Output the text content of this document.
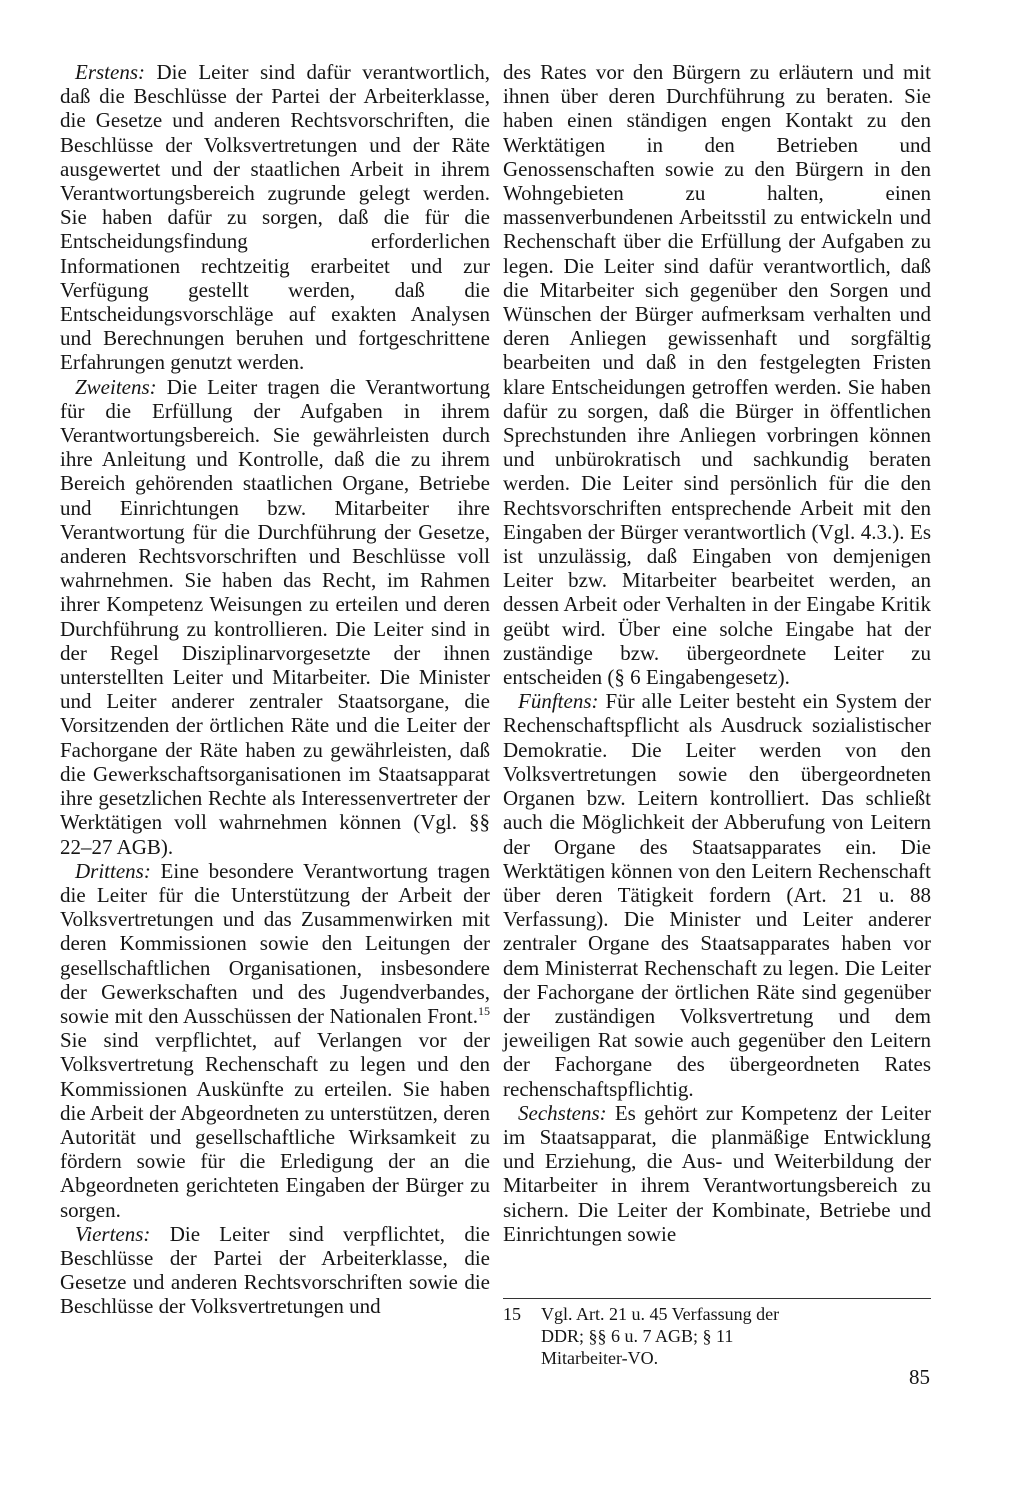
Erstens: Die Leiter sind dafür verantwortlich, daß die Beschlüsse der Partei der Arbeiterklasse, die Gesetze und anderen Rechtsvorschriften, die Beschlüsse der Volksvertretungen und der Räte ausgewertet und der staatlichen Arbeit in ihrem Verantwortungsbereich zugrunde gelegt werden. Sie haben dafür zu sorgen, daß die für die Entscheidungsfindung erforderlichen Informationen rechtzeitig erarbeitet und zur Verfügung gestellt werden, daß die Entscheidungsvorschläge auf exakten Analysen und Berechnungen beruhen und fortgeschrittene Erfahrungen genutzt werden.

Zweitens: Die Leiter tragen die Verantwortung für die Erfüllung der Aufgaben in ihrem Verantwortungsbereich. Sie gewährleisten durch ihre Anleitung und Kontrolle, daß die zu ihrem Bereich gehörenden staatlichen Organe, Betriebe und Einrichtungen bzw. Mitarbeiter ihre Verantwortung für die Durchführung der Gesetze, anderen Rechtsvorschriften und Beschlüsse voll wahrnehmen. Sie haben das Recht, im Rahmen ihrer Kompetenz Weisungen zu erteilen und deren Durchführung zu kontrollieren. Die Leiter sind in der Regel Disziplinarvorgesetzte der ihnen unterstellten Leiter und Mitarbeiter. Die Minister und Leiter anderer zentraler Staatsorgane, die Vorsitzenden der örtlichen Räte und die Leiter der Fachorgane der Räte haben zu gewährleisten, daß die Gewerkschaftsorganisationen im Staatsapparat ihre gesetzlichen Rechte als Interessenvertreter der Werktätigen voll wahrnehmen können (Vgl. §§ 22–27 AGB).

Drittens: Eine besondere Verantwortung tragen die Leiter für die Unterstützung der Arbeit der Volksvertretungen und das Zusammenwirken mit deren Kommissionen sowie den Leitungen der gesellschaftlichen Organisationen, insbesondere der Gewerkschaften und des Jugendverbandes, sowie mit den Ausschüssen der Nationalen Front.$^{15}$ Sie sind verpflichtet, auf Verlangen vor der Volksvertretung Rechenschaft zu legen und den Kommissionen Auskünfte zu erteilen. Sie haben die Arbeit der Abgeordneten zu unterstützen, deren Autorität und gesellschaftliche Wirksamkeit zu fördern sowie für die Erledigung der an die Abgeordneten gerichteten Eingaben der Bürger zu sorgen.

Viertens: Die Leiter sind verpflichtet, die Beschlüsse der Partei der Arbeiterklasse, die Gesetze und anderen Rechtsvorschriften sowie die Beschlüsse der Volksvertretungen und

des Rates vor den Bürgern zu erläutern und mit ihnen über deren Durchführung zu beraten. Sie haben einen ständigen engen Kontakt zu den Werktätigen in den Betrieben und Genossenschaften sowie zu den Bürgern in den Wohngebieten zu halten, einen massenverbundenen Arbeitsstil zu entwickeln und Rechenschaft über die Erfüllung der Aufgaben zu legen. Die Leiter sind dafür verantwortlich, daß die Mitarbeiter sich gegenüber den Sorgen und Wünschen der Bürger aufmerksam verhalten und deren Anliegen gewissenhaft und sorgfältig bearbeiten und daß in den festgelegten Fristen klare Entscheidungen getroffen werden. Sie haben dafür zu sorgen, daß die Bürger in öffentlichen Sprechstunden ihre Anliegen vorbringen können und unbürokratisch und sachkundig beraten werden. Die Leiter sind persönlich für die den Rechtsvorschriften entsprechende Arbeit mit den Eingaben der Bürger verantwortlich (Vgl. 4.3.). Es ist unzulässig, daß Eingaben von demjenigen Leiter bzw. Mitarbeiter bearbeitet werden, an dessen Arbeit oder Verhalten in der Eingabe Kritik geübt wird. Über eine solche Eingabe hat der zuständige bzw. übergeordnete Leiter zu entscheiden (§ 6 Eingabengesetz).

Fünftens: Für alle Leiter besteht ein System der Rechenschaftspflicht als Ausdruck sozialistischer Demokratie. Die Leiter werden von den Volksvertretungen sowie den übergeordneten Organen bzw. Leitern kontrolliert. Das schließt auch die Möglichkeit der Abberufung von Leitern der Organe des Staatsapparates ein. Die Werktätigen können von den Leitern Rechenschaft über deren Tätigkeit fordern (Art. 21 u. 88 Verfassung). Die Minister und Leiter anderer zentraler Organe des Staatsapparates haben vor dem Ministerrat Rechenschaft zu legen. Die Leiter der Fachorgane der örtlichen Räte sind gegenüber der zuständigen Volksvertretung und dem jeweiligen Rat sowie auch gegenüber den Leitern der Fachorgane des übergeordneten Rates rechenschaftspflichtig.

Sechstens: Es gehört zur Kompetenz der Leiter im Staatsapparat, die planmäßige Entwicklung und Erziehung, die Aus- und Weiterbildung der Mitarbeiter in ihrem Verantwortungsbereich zu sichern. Die Leiter der Kombinate, Betriebe und Einrichtungen sowie

15 Vgl. Art. 21 u. 45 Verfassung der DDR; §§ 6 u. 7 AGB; § 11 Mitarbeiter-VO.
85
